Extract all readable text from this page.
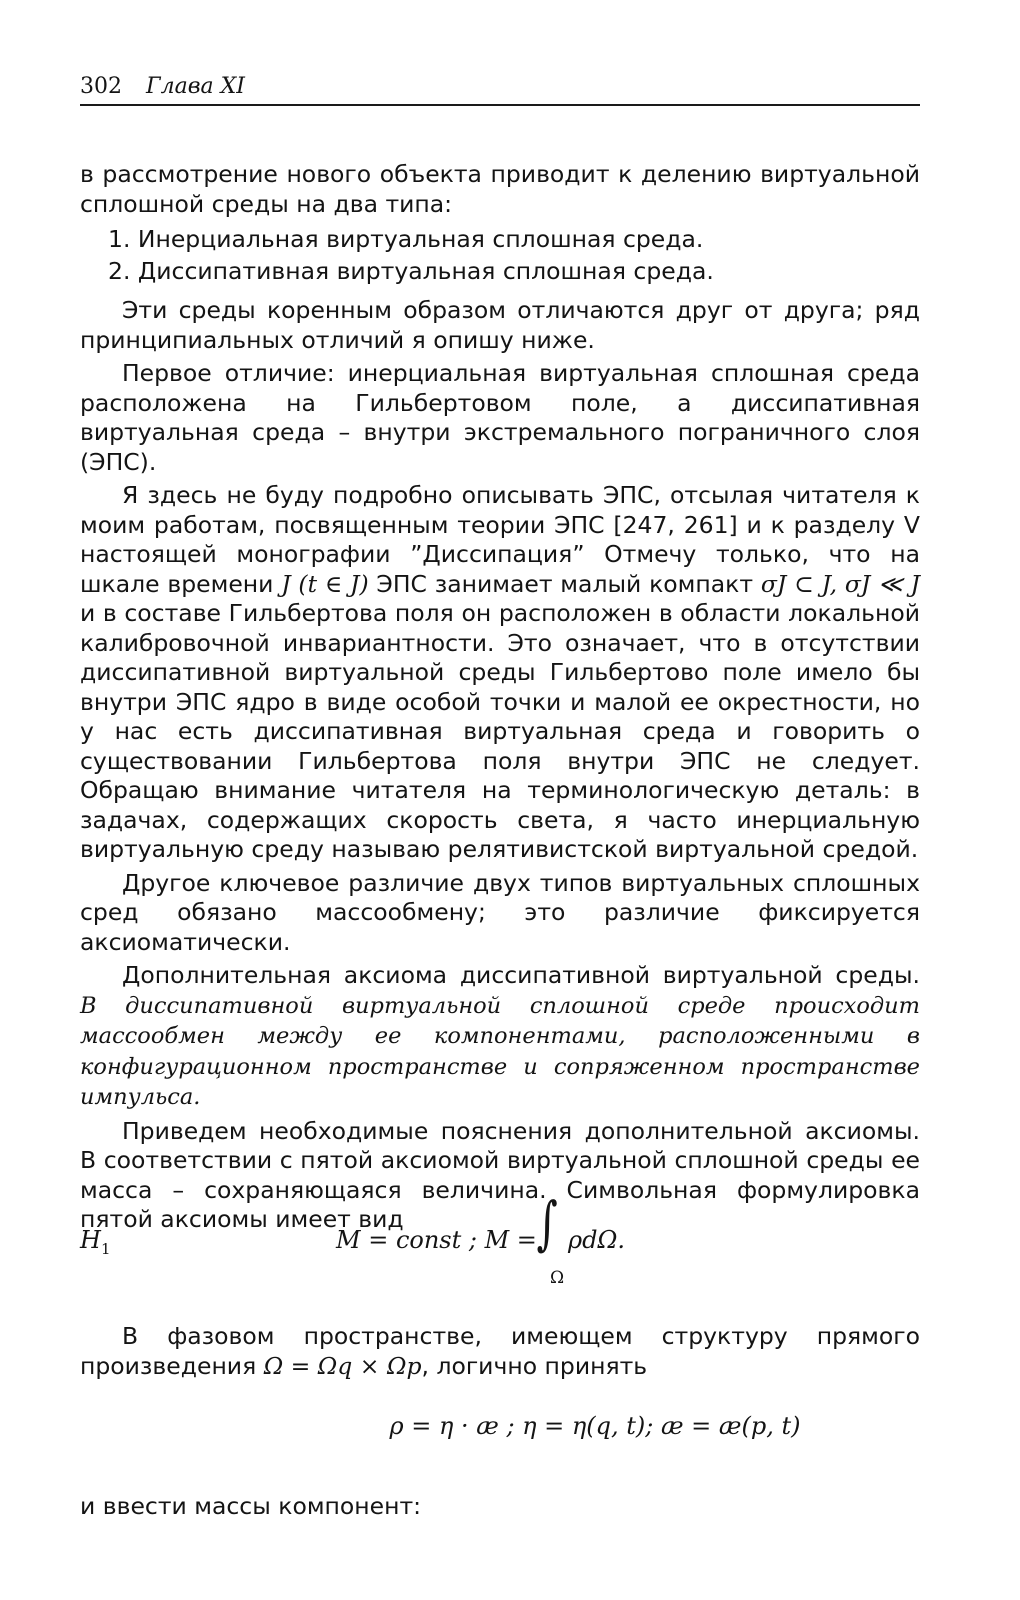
302 Глава XI

в рассмотрение нового объекта приводит к делению виртуальной сплошной среды на два типа:

1. Инерциальная виртуальная сплошная среда.
2. Диссипативная виртуальная сплошная среда.

Эти среды коренным образом отличаются друг от друга; ряд принципиальных отличий я опишу ниже.

Первое отличие: инерциальная виртуальная сплошная среда расположена на Гильбертовом поле, а диссипативная виртуальная среда – внутри экстремального пограничного слоя (ЭПС).

Я здесь не буду подробно описывать ЭПС, отсылая читателя к моим работам, посвященным теории ЭПС [247, 261] и к разделу V настоящей монографии ”Диссипация” Отмечу только, что на шкале времени J (t ∈ J) ЭПС занимает малый компакт σJ ⊂ J, σJ ≪ J и в составе Гильбертова поля он расположен в области локальной калибровочной инвариантности. Это означает, что в отсутствии диссипативной виртуальной среды Гильбертово поле имело бы внутри ЭПС ядро в виде особой точки и малой ее окрестности, но у нас есть диссипативная виртуальная среда и говорить о существовании Гильбертова поля внутри ЭПС не следует. Обращаю внимание читателя на терминологическую деталь: в задачах, содержащих скорость света, я часто инерциальную виртуальную среду называю релятивистской виртуальной средой.

Другое ключевое различие двух типов виртуальных сплошных сред обязано массообмену; это различие фиксируется аксиоматически.

Дополнительная аксиома диссипативной виртуальной среды. В диссипативной виртуальной сплошной среде происходит массообмен между ее компонентами, расположенными в конфигурационном пространстве и сопряженном пространстве импульса.

Приведем необходимые пояснения дополнительной аксиомы. В соответствии с пятой аксиомой виртуальной сплошной среды ее масса – сохраняющаяся величина. Символьная формулировка пятой аксиомы имеет вид

$H_1$	M = const ; M = ∫
Ω
ρdΩ.
В фазовом пространстве, имеющем структуру прямого произведения Ω = Ωq × Ωp, логично принять
ρ = η · æ ; η = η(q, t); æ = æ(p, t)
и ввести массы компонент:
